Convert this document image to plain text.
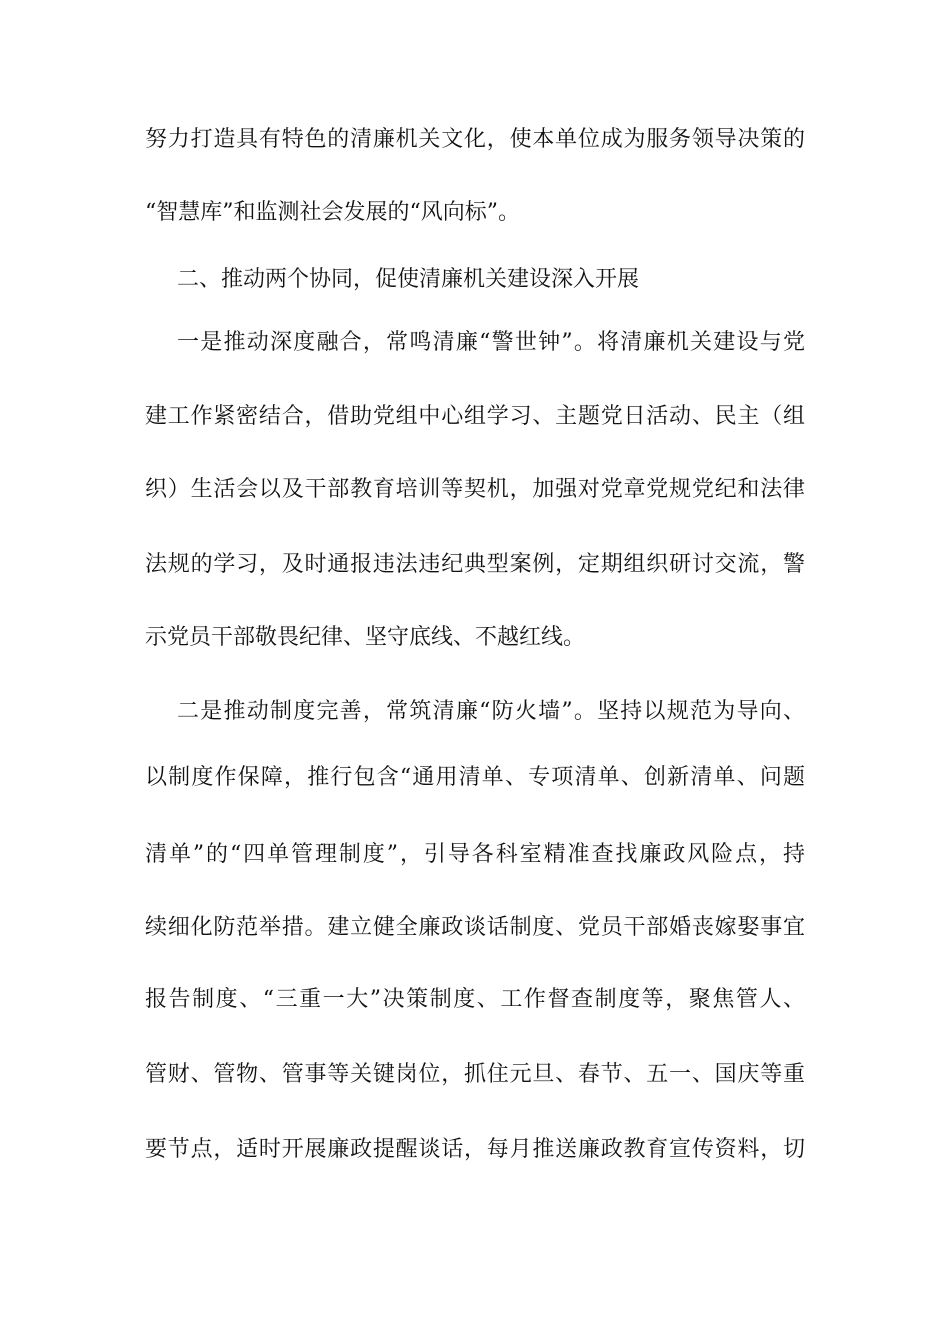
努力打造具有特色的清廉机关文化，使本单位成为服务领导决策的
“智慧库”和监测社会发展的“风向标”。
二、推动两个协同，促使清廉机关建设深入开展
一是推动深度融合，常鸣清廉“警世钟”。将清廉机关建设与党
建工作紧密结合，借助党组中心组学习、主题党日活动、民主（组
织）生活会以及干部教育培训等契机，加强对党章党规党纪和法律
法规的学习，及时通报违法违纪典型案例，定期组织研讨交流，警
示党员干部敬畏纪律、坚守底线、不越红线。
二是推动制度完善，常筑清廉“防火墙”。坚持以规范为导向、
以制度作保障，推行包含“通用清单、专项清单、创新清单、问题
清单”的“四单管理制度”，引导各科室精准查找廉政风险点，持
续细化防范举措。建立健全廉政谈话制度、党员干部婚丧嫁娶事宜
报告制度、“三重一大”决策制度、工作督查制度等，聚焦管人、
管财、管物、管事等关键岗位，抓住元旦、春节、五一、国庆等重
要节点，适时开展廉政提醒谈话，每月推送廉政教育宣传资料，切
